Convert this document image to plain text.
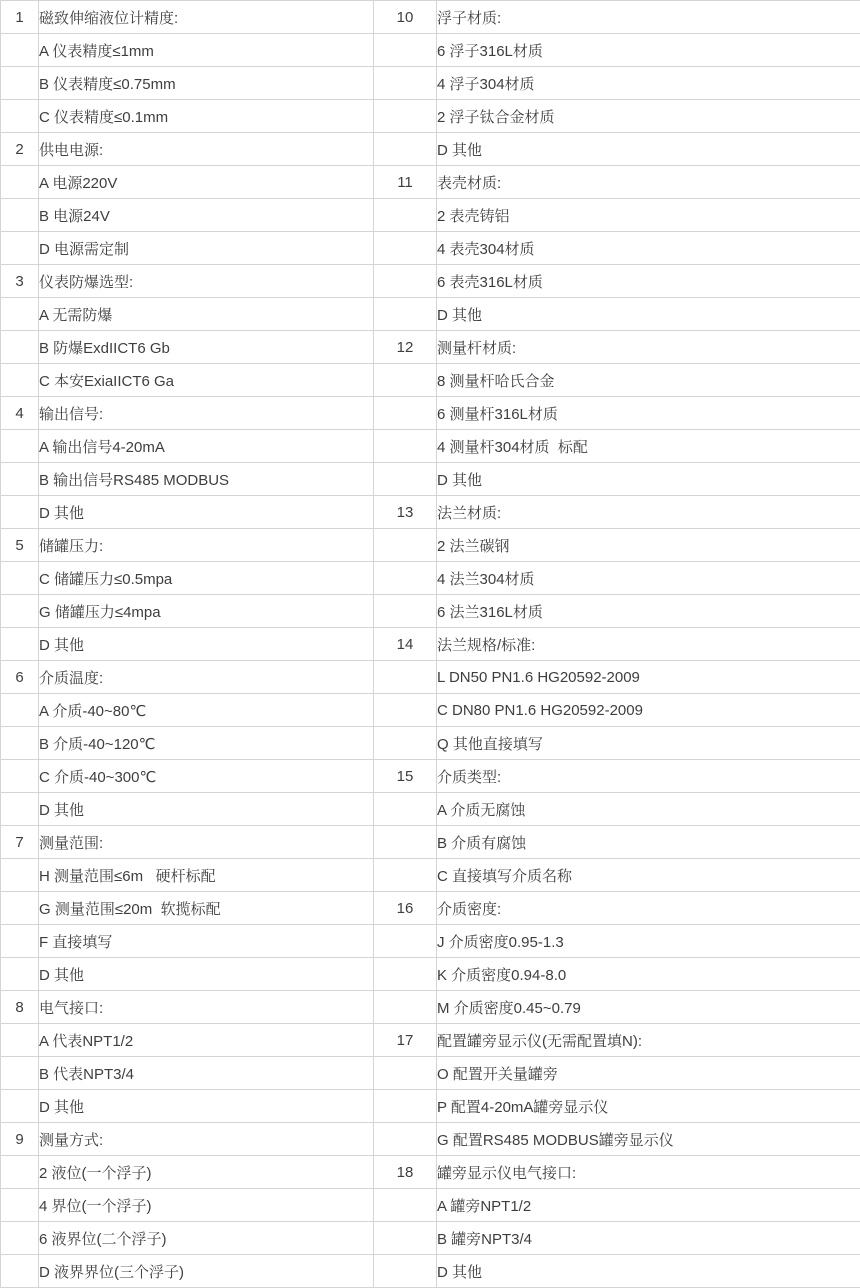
1	磁致伸缩液位计精度:	10	浮子材质:
	A 仪表精度≤1mm		6 浮子316L材质
	B 仪表精度≤0.75mm		4 浮子304材质
	C 仪表精度≤0.1mm		2 浮子钛合金材质
2	供电电源:		D 其他
	A 电源220V	11	表壳材质:
	B 电源24V		2 表壳铸铝
	D 电源需定制		4 表壳304材质
3	仪表防爆选型:		6 表壳316L材质
	A 无需防爆		D 其他
	B 防爆ExdIICT6 Gb	12	测量杆材质:
	C 本安ExiaIICT6 Ga		8 测量杆哈氏合金
4	输出信号:		6 测量杆316L材质
	A 输出信号4-20mA		4 测量杆304材质  标配
	B 输出信号RS485 MODBUS		D 其他
	D 其他	13	法兰材质:
5	储罐压力:		2 法兰碳钢
	C 储罐压力≤0.5mpa		4 法兰304材质
	G 储罐压力≤4mpa		6 法兰316L材质
	D 其他	14	法兰规格/标准:
6	介质温度:		L DN50 PN1.6 HG20592-2009
	A 介质-40~80℃		C DN80 PN1.6 HG20592-2009
	B 介质-40~120℃		Q 其他直接填写
	C 介质-40~300℃	15	介质类型:
	D 其他		A 介质无腐蚀
7	测量范围:		B 介质有腐蚀
	H 测量范围≤6m   硬杆标配		C 直接填写介质名称
	G 测量范围≤20m  软揽标配	16	介质密度:
	F 直接填写		J 介质密度0.95-1.3
	D 其他		K 介质密度0.94-8.0
8	电气接口:		M 介质密度0.45~0.79
	A 代表NPT1/2	17	配置罐旁显示仪(无需配置填N):
	B 代表NPT3/4		O 配置开关量罐旁
	D 其他		P 配置4-20mA罐旁显示仪
9	测量方式:		G 配置RS485 MODBUS罐旁显示仪
	2 液位(一个浮子)	18	罐旁显示仪电气接口:
	4 界位(一个浮子)		A 罐旁NPT1/2
	6 液界位(二个浮子)		B 罐旁NPT3/4
	D 液界界位(三个浮子)		D 其他
